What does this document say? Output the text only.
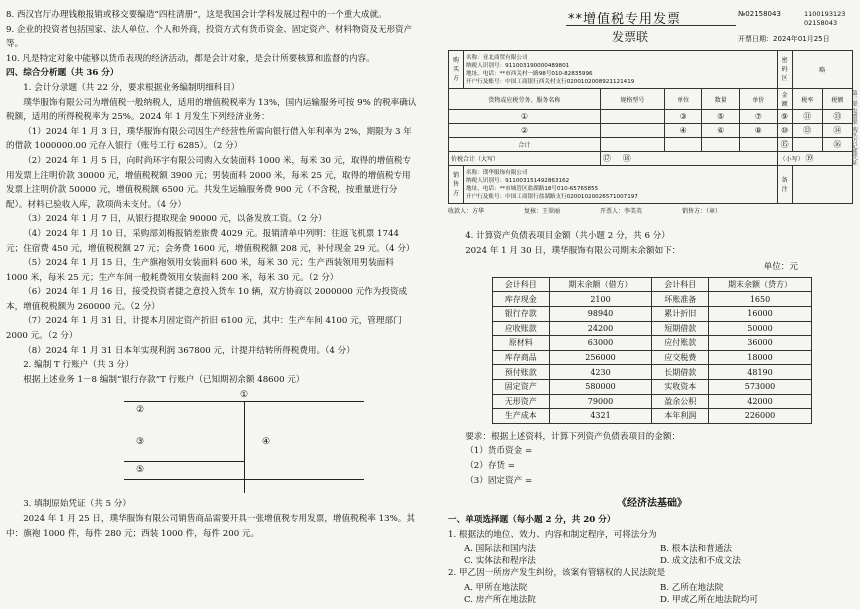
8. 西汉官厅办理钱粮报销或移交要编造“四柱清册”，这是我国会计学科发展过程中的一个重大成就。

9. 企业的投资者包括国家、法人单位、个人和外商，投资方式有货币资金、固定资产、材料物资及无形资产等。

10. 凡是特定对象中能够以货币表现的经济活动，都是会计对象，是会计所要核算和监督的内容。

四、综合分析题（共 36 分）

1. 会计分录题（共 22 分，要求根据业务编制明细科目）

璞华服饰有限公司为增值税一般纳税人，适用的增值税税率为 13%，国内运输服务可按 9% 的税率确认税额，适用的所得税税率为 25%。2024 年 1 月发生下列经济业务：

（1）2024 年 1 月 3 日，璞华服饰有限公司因生产经营性所需向银行借入年利率为 2%，期限为 3 年的借款 1000000.00 元存入银行（账号工行 6285）。（2 分）

（2）2024 年 1 月 5 日，向时尚环宇有限公司购入女装面料 1000 米，每米 30 元，取得的增值税专用发票上注明价款 30000 元，增值税税额 3900 元；男装面料 2000 米，每米 25 元，取得的增值税专用发票上注明价款 50000 元，增值税税额 6500 元。共发生运输服务费 900 元（不含税，按重量进行分配）。材料已验收入库，款项尚未支付。（4 分）

（3）2024 年 1 月 7 日，从银行提取现金 90000 元，以备发放工资。（2 分）

（4）2024 年 1 月 10 日，采购部刘梅报销差旅费 4029 元。报销清单中列明：往返飞机票 1744 元；住宿费 450 元，增值税税额 27 元；会务费 1600 元，增值税税额 208 元，补付现金 29 元。（4 分）

（5）2024 年 1 月 15 日，生产旗袍领用女装面料 600 米，每米 30 元；生产西装领用男装面料 1000 米，每米 25 元；生产车间一般耗费领用女装面料 200 米，每米 30 元。（2 分）

（6）2024 年 1 月 16 日，接受投资者捷之意投入货车 10 辆，双方协商以 2000000 元作为投资成本，增值税税额为 260000 元。（2 分）

（7）2024 年 1 月 31 日，计提本月固定资产折旧 6100 元，其中：生产车间 4100 元，管理部门 2000 元。（2 分）

（8）2024 年 1 月 31 日本年实现利润 367800 元，计提并结转所得税费用。（4 分）

2. 编制 T 行账户（共 3 分）

根据上述业务 1－8 编制“银行存款”T 行账户（已知期初余额 48600 元）

①
②
③	④
⑤

3. 填制原始凭证（共 5 分）

2024 年 1 月 25 日，璞华服饰有限公司销售商品需要开具一张增值税专用发票，增值税税率 13%。其中：旗袍 1000 件，每件 280 元；西装 1000 件，每件 200 元。

**增值税专用发票
发票联
№02158043	1100193123
02158043
开票日期：2024年01月25日
购买方	名称：亚北商贸有限公司
纳税人识别号：911003190000489801
地址、电话：**市西关村一路98号010-82835996
开户行及账号：中国工商银行西关村支行0200102008921121419					密码区	略	
货物或应税劳务、服务名称		规格型号	单位	数量	单价	金额	税率	税额
①			③	⑤	⑦	⑨	⑪	⑬
②			④	⑥	⑧	⑩	⑫	⑭
合计						⑮		⑯
价税合计（大写）		⑰ ⑱				（小写） ⑲		
销售方	名称：璞华服饰有限公司
纳税人识别号：911003151492863162
地址、电话：**市城管区盐湖路18号010-65765855
开户行及账号：中国工商银行盐湖路支行02001020026571007197					备注		
收款人：方华	复核：王翠丽	开票人：李美英	销售方：（章）

4. 计算资产负债表项目金额（共小题 2 分，共 6 分）

2024 年 1 月 30 日，璞华服饰有限公司期末余额如下：

单位：元

会计科目	期末余额（借方）	会计科目	期末余额（贷方）
库存现金	2100	坏账准备	1650
银行存款	98940	累计折旧	16000
应收账款	24200	短期借款	50000
原材料	63000	应付账款	36000
库存商品	256000	应交税费	18000
预付账款	4230	长期借款	48190
固定资产	580000	实收资本	573000
无形资产	79000	盈余公积	42000
生产成本	4321	本年利润	226000

要求：根据上述资料，计算下列资产负债表项目的金额：

（1）货币资金 =

（2）存货 =

（3）固定资产 =

《经济法基础》

一、单项选择题（每小题 2 分，共 20 分）

1. 根据法的地位、效力、内容和制定程序，可将法分为

A. 国际法和国内法	B. 根本法和普通法
C. 实体法和程序法	D. 成文法和不成文法

2. 甲乙因一所房产发生纠纷，该案有管辖权的人民法院是

A. 甲所在地法院	B. 乙所在地法院
C. 房产所在地法院	D. 甲或乙所在地法院均可
第三联 发票联 购买方记账凭证
